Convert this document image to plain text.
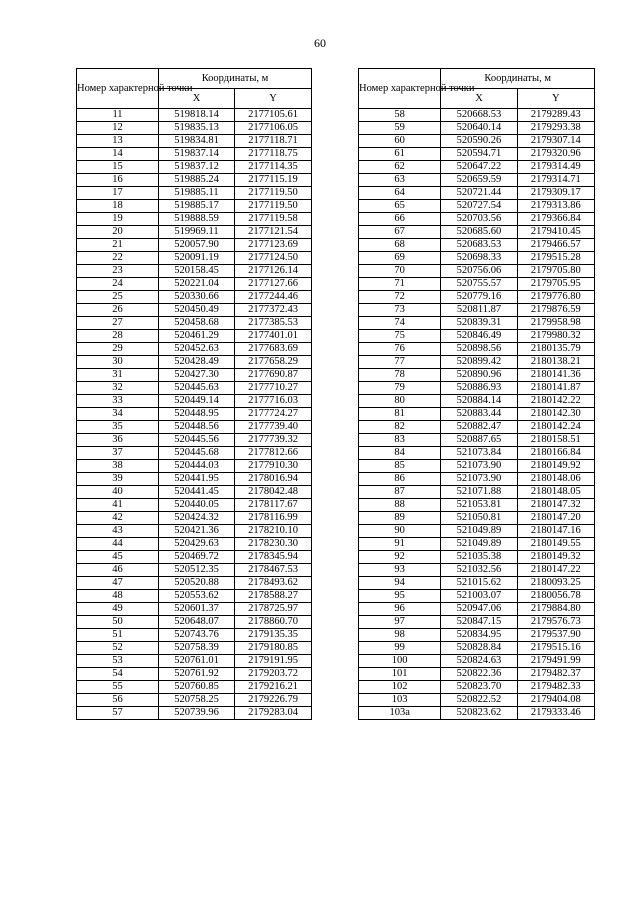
60
Номер характерной точки	Координаты, м	
	X	Y
11	519818.14	2177105.61
12	519835.13	2177106.05
13	519834.81	2177118.71
14	519837.14	2177118.75
15	519837.12	2177114.35
16	519885.24	2177115.19
17	519885.11	2177119.50
18	519885.17	2177119.50
19	519888.59	2177119.58
20	519969.11	2177121.54
21	520057.90	2177123.69
22	520091.19	2177124.50
23	520158.45	2177126.14
24	520221.04	2177127.66
25	520330.66	2177244.46
26	520450.49	2177372.43
27	520458.68	2177385.53
28	520461.29	2177401.01
29	520452.63	2177683.69
30	520428.49	2177658.29
31	520427.30	2177690.87
32	520445.63	2177710.27
33	520449.14	2177716.03
34	520448.95	2177724.27
35	520448.56	2177739.40
36	520445.56	2177739.32
37	520445.68	2177812.66
38	520444.03	2177910.30
39	520441.95	2178016.94
40	520441.45	2178042.48
41	520440.05	2178117.67
42	520424.32	2178116.99
43	520421.36	2178210.10
44	520429.63	2178230.30
45	520469.72	2178345.94
46	520512.35	2178467.53
47	520520.88	2178493.62
48	520553.62	2178588.27
49	520601.37	2178725.97
50	520648.07	2178860.70
51	520743.76	2179135.35
52	520758.39	2179180.85
53	520761.01	2179191.95
54	520761.92	2179203.72
55	520760.85	2179216.21
56	520758.25	2179226.79
57	520739.96	2179283.04
Номер характерной точки	Координаты, м	
	X	Y
58	520668.53	2179289.43
59	520640.14	2179293.38
60	520590.26	2179307.14
61	520594.71	2179320.96
62	520647.22	2179314.49
63	520659.59	2179314.71
64	520721.44	2179309.17
65	520727.54	2179313.86
66	520703.56	2179366.84
67	520685.60	2179410.45
68	520683.53	2179466.57
69	520698.33	2179515.28
70	520756.06	2179705.80
71	520755.57	2179705.95
72	520779.16	2179776.80
73	520811.87	2179876.59
74	520839.31	2179958.98
75	520846.49	2179980.32
76	520898.56	2180135.79
77	520899.42	2180138.21
78	520890.96	2180141.36
79	520886.93	2180141.87
80	520884.14	2180142.22
81	520883.44	2180142.30
82	520882.47	2180142.24
83	520887.65	2180158.51
84	521073.84	2180166.84
85	521073.90	2180149.92
86	521073.90	2180148.06
87	521071.88	2180148.05
88	521053.81	2180147.32
89	521050.81	2180147.20
90	521049.89	2180147.16
91	521049.89	2180149.55
92	521035.38	2180149.32
93	521032.56	2180147.22
94	521015.62	2180093.25
95	521003.07	2180056.78
96	520947.06	2179884.80
97	520847.15	2179576.73
98	520834.95	2179537.90
99	520828.84	2179515.16
100	520824.63	2179491.99
101	520822.36	2179482.37
102	520823.70	2179482.33
103	520822.52	2179404.08
103а	520823.62	2179333.46
